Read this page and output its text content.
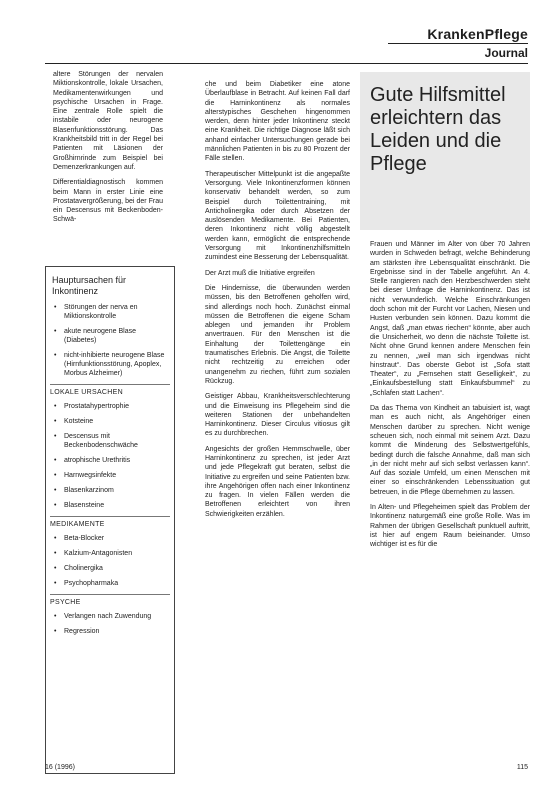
KrankenPflege
Journal
Gute Hilfsmittel erleichtern das Leiden und die Pflege

altere Störungen der nervalen Miktionskontrolle, lokale Ursachen, Medikamentenwirkungen und psychische Ursachen in Frage. Eine zentrale Rolle spielt die instabile oder neurogene Blasenfunktionsstörung. Das Krankheitsbild tritt in der Regel bei Patienten mit Läsionen der Großhirnrinde zum Beispiel bei Demenzerkrankungen auf.

Differentialdiagnostisch kommen beim Mann in erster Linie eine Prostatavergrößerung, bei der Frau ein Descensus mit Beckenboden-Schwä-

Hauptursachen für Inkontinenz
• Störungen der nerva en Miktionskontrolle
• akute neurogene Blase (Diabetes)
• nicht-inhibierte neurogene Blase (Hirnfunktionsstörung, Apoplex, Morbus Alzheimer)
LOKALE URSACHEN
• Prostatahypertrophie
• Kotsteine
• Descensus mit Beckenbodenschwäche
• atrophische Urethritis
• Harnwegsinfekte
• Blasenkarzinom
• Blasensteine
MEDIKAMENTE
• Beta-Blocker
• Kalzium-Antagonisten
• Cholinergika
• Psychopharmaka
PSYCHE
• Verlangen nach Zuwendung
• Regression

che und beim Diabetiker eine atone Überlaufblase in Betracht. Auf keinen Fall darf die Harninkontinenz als normales alterstypisches Geschehen hingenommen werden, denn hinter jeder Inkontinenz steckt eine Krankheit. Die richtige Diagnose läßt sich anhand einfacher Untersuchungen gerade bei männlichen Patienten in bis zu 80 Prozent der Fälle stellen.

Therapeutischer Mittelpunkt ist die angepaßte Versorgung. Viele Inkontinenzformen können konservativ behandelt werden, so zum Beispiel durch Toilettentraining, mit Anticholinergika oder durch Absetzen der auslösenden Medikamente. Bei Patienten, deren Inkontinenz nicht völlig abgestellt werden kann, ermöglicht die entsprechende Versorgung mit Inkontinenzhilfsmitteln zumindest eine Besserung der Lebensqualität.

Der Arzt muß die Initiative ergreifen

Die Hindernisse, die überwunden werden müssen, bis den Betroffenen geholfen wird, sind allerdings noch hoch. Zunächst einmal müssen die Betroffenen die eigene Scham ablegen und jemanden ihr Problem anvertrauen. Für den Menschen ist die Einhaltung der Toilettengänge ein traumatisches Erlebnis. Die Angst, die Toilette nicht rechtzeitig zu erreichen oder unangenehm zu riechen, führt zum sozialen Rückzug.

Geistiger Abbau, Krankheitsverschlechterung und die Einweisung ins Pflegeheim sind die weiteren Stationen der unbehandelten Harninkontinenz. Dieser Circulus vitiosus gilt es zu durchbrechen.

Angesichts der großen Hemmschwelle, über Harninkontinenz zu sprechen, ist jeder Arzt und jede Pflegekraft gut beraten, selbst die Initiative zu ergreifen und seine Patienten bzw. ihre Angehörigen offen nach einer Inkontinenz zu fragen. In vielen Fällen werden die Betroffenen erleichtert von ihren Schwierigkeiten erzählen.

Frauen und Männer im Alter von über 70 Jahren wurden in Schweden befragt, welche Behinderung am stärksten ihre Lebensqualität einschränkt. Die Ergebnisse sind in der Tabelle angeführt. An 4. Stelle rangieren nach den Herzbeschwerden steht bei dieser Umfrage die Harninkontinenz. Das ist nicht verwunderlich. Welche Einschränkungen doch schon mit der Furcht vor Lachen, Niesen und Husten verbunden sein können. Dazu kommt die Angst, daß „man etwas riechen“ könnte, aber auch die Unsicherheit, wo denn die nächste Toilette ist. Nicht ohne Grund kennen andere Menschen fein zu nennen, „weil man sich irgendwas nicht hinstraut“. Das oberste Gebot ist „Sofa statt Theater“, zu „Fernsehen statt Geselligkeit“, zu „Einkaufsbestellung statt Einkaufsbummel“ zu „Schlafen statt Lachen“.

Da das Thema von Kindheit an tabuisiert ist, wagt man es auch nicht, als Angehöriger einen Menschen darüber zu sprechen. Nicht wenige scheuen sich, noch einmal mit seinem Arzt. Dazu kommt die Minderung des Selbstwertgefühls, bedingt durch die falsche Annahme, daß man sich „in der nicht mehr auf sich selbst verlassen kann“. Auf das soziale Umfeld, um einen Menschen mit einer so einschränkenden Lebenssituation gut betreuen, in die Pflege übernehmen zu lassen.

In Alten- und Pflegeheimen spielt das Problem der Inkontinenz naturgemäß eine große Rolle. Was im Rahmen der übrigen Gesellschaft punktuell auftritt, ist hier auf engem Raum beieinander. Umso wichtiger ist es für die

16 (1996)	115
